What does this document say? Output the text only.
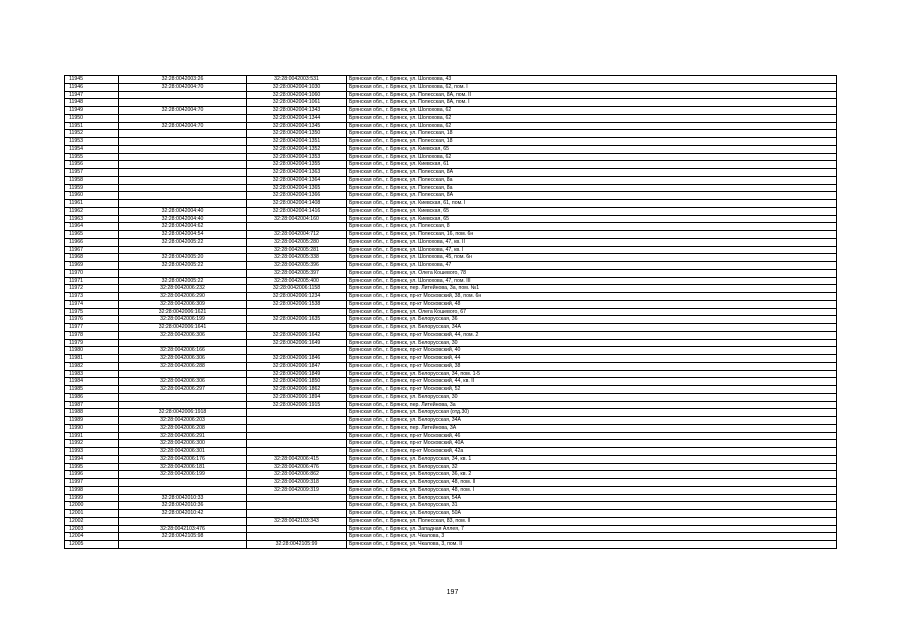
11945	32:28:0042003:26	32:28:0042003:531	Брянская обл., г. Брянск, ул. Шолохова, 43
11946	32:28:0042004:70	32:28:0042004:1030	Брянская обл., г. Брянск, ул. Шолохова, 62, пом. I
11947		32:28:0042004:1060	Брянская обл., г. Брянск, ул. Полесская, 8А, пом. II
11948		32:28:0042004:1061	Брянская обл., г. Брянск, ул. Полесская, 8А, пом. I
11949	32:28:0042004:70	32:28:0042004:1343	Брянская обл., г. Брянск, ул. Шолохова, 62
11950		32:28:0042004:1344	Брянская обл., г. Брянск, ул. Шолохова, 62
11951	32:28:0042004:70	32:28:0042004:1345	Брянская обл., г. Брянск, ул. Шолохова, 62
11952		32:28:0042004:1350	Брянская обл., г. Брянск, ул. Полесская, 18
11953		32:28:0042004:1351	Брянская обл., г. Брянск, ул. Полесская, 18
11954		32:28:0042004:1352	Брянская обл., г. Брянск, ул. Киевская, 65
11955		32:28:0042004:1353	Брянская обл., г. Брянск, ул. Шолохова, 62
11956		32:28:0042004:1355	Брянская обл., г. Брянск, ул. Киевская, 61
11957		32:28:0042004:1363	Брянская обл., г. Брянск, ул. Полесская, 8А
11958		32:28:0042004:1364	Брянская обл., г. Брянск, ул. Полесская, 8а
11959		32:28:0042004:1365	Брянская обл., г. Брянск, ул. Полесская, 8а
11960		32:28:0042004:1366	Брянская обл., г. Брянск, ул. Полесская, 8А
11961		32:28:0042004:1408	Брянская обл., г. Брянск, ул. Киевская, 61, пом. I
11962	32:28:0042004:40	32:28:0042004:1416	Брянская обл., г. Брянск, ул. Киевская, 65
11963	32:28:0042004:40	32:28:0042004:160	Брянская обл., г. Брянск, ул. Киевская, 65
11964	32:28:0042004:62		Брянская обл., г. Брянск, ул. Полесская, 8
11965	32:28:0042004:54	32:28:0042004:712	Брянская обл., г. Брянск, ул. Полесская, 16, пом. 6н
11966	32:28:0042005:22	32:28:0042005:280	Брянская обл., г. Брянск, ул. Шолохова, 47, кв. II
11967		32:28:0042005:281	Брянская обл., г. Брянск, ул. Шолохова, 47, кв. I
11968	32:28:0042005:20	32:28:0042005:338	Брянская обл., г. Брянск, ул. Шолохова, 45, пом. 6н
11969	32:28:0042005:22	32:28:0042005:396	Брянская обл., г. Брянск, ул. Шолохова, 47
11970		32:28:0042005:397	Брянская обл., г. Брянск, ул. Олега Кошевого, 78
11971	32:28:0042005:22	32:28:0042005:400	Брянская обл., г. Брянск, ул. Шолохова, 47, пом. III
11972	32:28:0042006:232	32:28:0042006:1158	Брянская обл., г. Брянск, пер. Литейнова, 3а, пом. №1
11973	32:28:0042006:290	32:28:0042006:1234	Брянская обл., г. Брянск, пр-кт Московский, 38, пом. 6н
11974	32:28:0042006:309	32:28:0042006:1538	Брянская обл., г. Брянск, пр-кт Московский, 48
11975	32:28:0042006:1621		Брянская обл., г. Брянск, ул. Олега Кошевого, 67
11976	32:28:0042006:199	32:28:0042006:1635	Брянская обл., г. Брянск, ул. Белорусская, 36
11977	32:28:0042006:1641		Брянская обл., г. Брянск, ул. Белорусская, 34А
11978	32:28:0042006:306	32:28:0042006:1642	Брянская обл., г. Брянск, пр-кт Московский, 44, пом. 2
11979		32:28:0042006:1649	Брянская обл., г. Брянск, ул. Белорусская, 30
11980	32:28:0042006:166		Брянская обл., г. Брянск, пр-кт Московский, 40
11981	32:28:0042006:306	32:28:0042006:1846	Брянская обл., г. Брянск, пр-кт Московский, 44
11982	32:28:0042006:288	32:28:0042006:1847	Брянская обл., г. Брянск, пр-кт Московский, 38
11983		32:28:0042006:1849	Брянская обл., г. Брянск, ул. Белорусская, 34, пом. 1-5
11984	32:28:0042006:306	32:28:0042006:1850	Брянская обл., г. Брянск, пр-кт Московский, 44, кв. II
11985	32:28:0042006:297	32:28:0042006:1862	Брянская обл., г. Брянск, пр-кт Московский, 52
11986		32:28:0042006:1894	Брянская обл., г. Брянск, ул. Белорусская, 30
11987		32:28:0042006:1915	Брянская обл., г. Брянск, пер. Литейнова, 3а
11988	32:28:0042006:1918		Брянская обл., г. Брянск, ул. Белорусская (отд.30)
11989	32:28:0042006:203		Брянская обл., г. Брянск, ул. Белорусская, 34А
11990	32:28:0042006:208		Брянская обл., г. Брянск, пер. Литейнова, 3А
11991	32:28:0042006:291		Брянская обл., г. Брянск, пр-кт Московский, 46
11992	32:28:0042006:300		Брянская обл., г. Брянск, пр-кт Московский, 40А
11993	32:28:0042006:301		Брянская обл., г. Брянск, пр-кт Московский, 42а
11994	32:28:0042006:176	32:28:0042006:415	Брянская обл., г. Брянск, ул. Белорусская, 34, кв. 1
11995	32:28:0042006:181	32:28:0042006:476	Брянская обл., г. Брянск, ул. Белорусская, 32
11996	32:28:0042006:199	32:28:0042006:862	Брянская обл., г. Брянск, ул. Белорусская, 36, кв. 2
11997		32:28:0042009:318	Брянская обл., г. Брянск, ул. Белорусская, 48, пом. II
11998		32:28:0042009:319	Брянская обл., г. Брянск, ул. Белорусская, 48, пом. I
11999	32:28:0042010:33		Брянская обл., г. Брянск, ул. Белорусская, 54А
12000	32:28:0042010:36		Брянская обл., г. Брянск, ул. Белорусская, 31
12001	32:28:0042010:42		Брянская обл., г. Брянск, ул. Белорусская, 50А
12002		32:28:0042103:343	Брянская обл., г. Брянск, ул. Полесская, 83, пом. II
12003	32:28:0042103:476		Брянская обл., г. Брянск, ул. Западная Аллея, 7
12004	32:28:0042105:98		Брянская обл., г. Брянск, ул. Чкалова, 3
12005		32:28:0042105:99	Брянская обл., г. Брянск, ул. Чкалова, 3, пом. II
197
